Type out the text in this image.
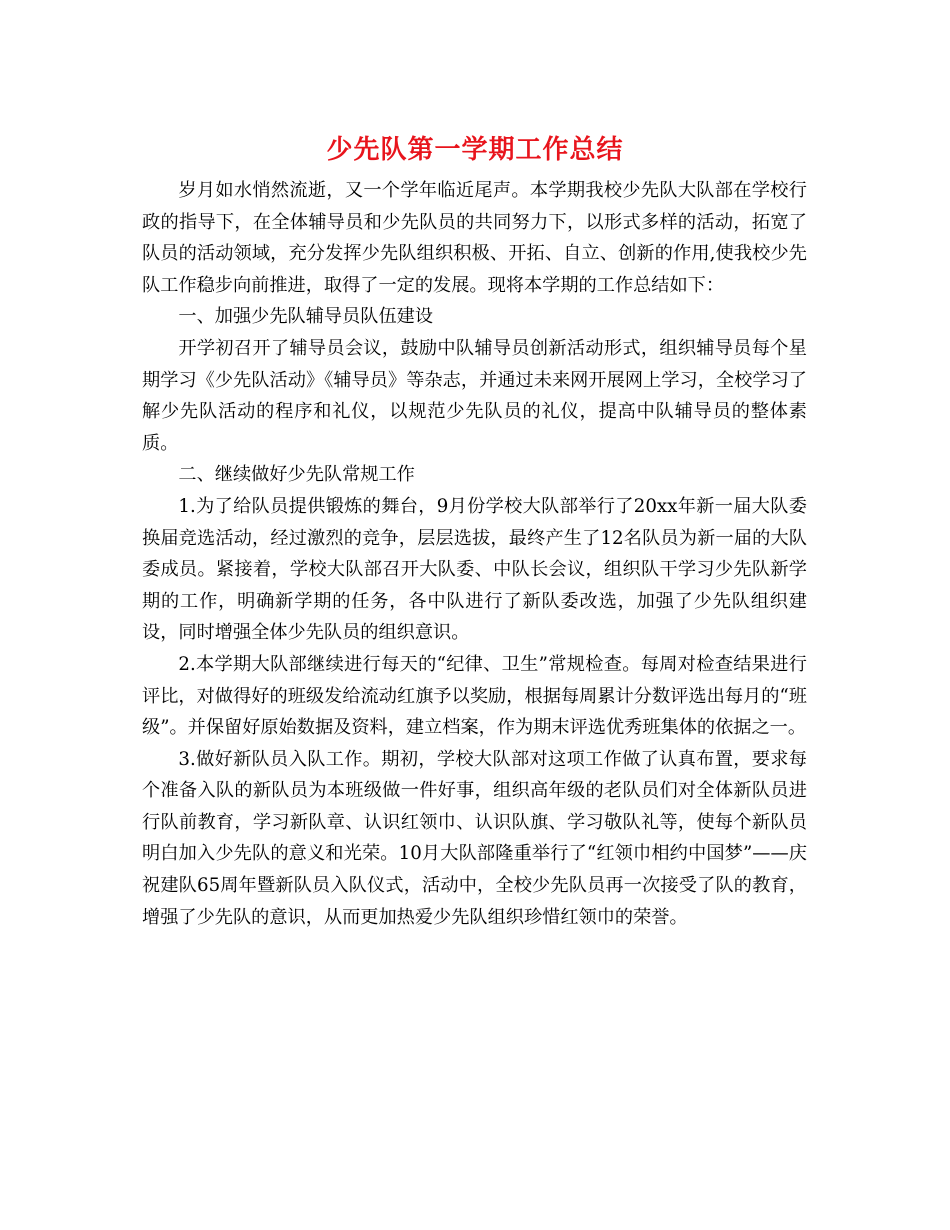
少先队第一学期工作总结

岁月如水悄然流逝，又一个学年临近尾声。本学期我校少先队大队部在学校行政的指导下，在全体辅导员和少先队员的共同努力下，以形式多样的活动，拓宽了队员的活动领域，充分发挥少先队组织积极、开拓、自立、创新的作用,使我校少先队工作稳步向前推进，取得了一定的发展。现将本学期的工作总结如下：

一、加强少先队辅导员队伍建设

开学初召开了辅导员会议，鼓励中队辅导员创新活动形式，组织辅导员每个星期学习《少先队活动》《辅导员》等杂志，并通过未来网开展网上学习，全校学习了解少先队活动的程序和礼仪，以规范少先队员的礼仪，提高中队辅导员的整体素质。

二、继续做好少先队常规工作

1.为了给队员提供锻炼的舞台，9月份学校大队部举行了20xx年新一届大队委换届竞选活动，经过激烈的竞争，层层选拔，最终产生了12名队员为新一届的大队委成员。紧接着，学校大队部召开大队委、中队长会议，组织队干学习少先队新学期的工作，明确新学期的任务，各中队进行了新队委改选，加强了少先队组织建设，同时增强全体少先队员的组织意识。

2.本学期大队部继续进行每天的“纪律、卫生”常规检查。每周对检查结果进行评比，对做得好的班级发给流动红旗予以奖励，根据每周累计分数评选出每月的“班级”。并保留好原始数据及资料，建立档案，作为期末评选优秀班集体的依据之一。

3.做好新队员入队工作。期初，学校大队部对这项工作做了认真布置，要求每个准备入队的新队员为本班级做一件好事，组织高年级的老队员们对全体新队员进行队前教育，学习新队章、认识红领巾、认识队旗、学习敬队礼等，使每个新队员明白加入少先队的意义和光荣。10月大队部隆重举行了“红领巾相约中国梦”——庆祝建队65周年暨新队员入队仪式，活动中，全校少先队员再一次接受了队的教育，增强了少先队的意识，从而更加热爱少先队组织珍惜红领巾的荣誉。
